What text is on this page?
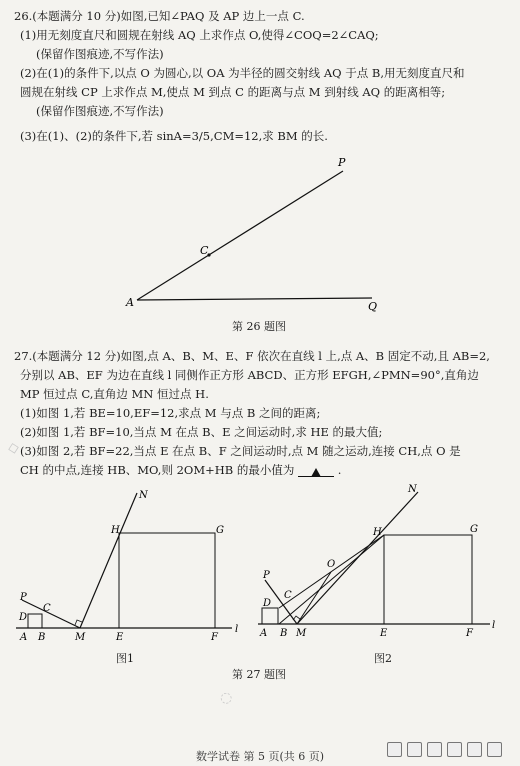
26.(本题满分 10 分)如图,已知∠PAQ 及 AP 边上一点 C.
(1)用无刻度直尺和圆规在射线 AQ 上求作点 O,使得∠COQ=2∠CAQ;
(保留作图痕迹,不写作法)
(2)在(1)的条件下,以点 O 为圆心,以 OA 为半径的圆交射线 AQ 于点 B,用无刻度直尺和
圆规在射线 CP 上求作点 M,使点 M 到点 C 的距离与点 M 到射线 AQ 的距离相等;
(保留作图痕迹,不写作法)
(3)在(1)、(2)的条件下,若 sinA=3/5,CM=12,求 BM 的长.
P
C
A	Q
第 26 题图
27.(本题满分 12 分)如图,点 A、B、M、E、F 依次在直线 l 上,点 A、B 固定不动,且 AB=2,
分别以 AB、EF 为边在直线 l 同侧作正方形 ABCD、正方形 EFGH,∠PMN=90°,直角边
MP 恒过点 C,直角边 MN 恒过点 H.
(1)如图 1,若 BE=10,EF=12,求点 M 与点 B 之间的距离;
(2)如图 1,若 BF=10,当点 M 在点 B、E 之间运动时,求 HE 的最大值;
(3)如图 2,若 BF=22,当点 E 在点 B、F 之间运动时,点 M 随之运动,连接 CH,点 O 是
CH 的中点,连接 HB、MO,则 2OM+HB 的最小值为	.
N
H	G
P
C
D
A B	M	E	F
l
图1
N
H	G
P
O
C
D
A B M	E	F
l
图2
第 27 题图
◇
◌
数学试卷 第 5 页(共 6 页)
